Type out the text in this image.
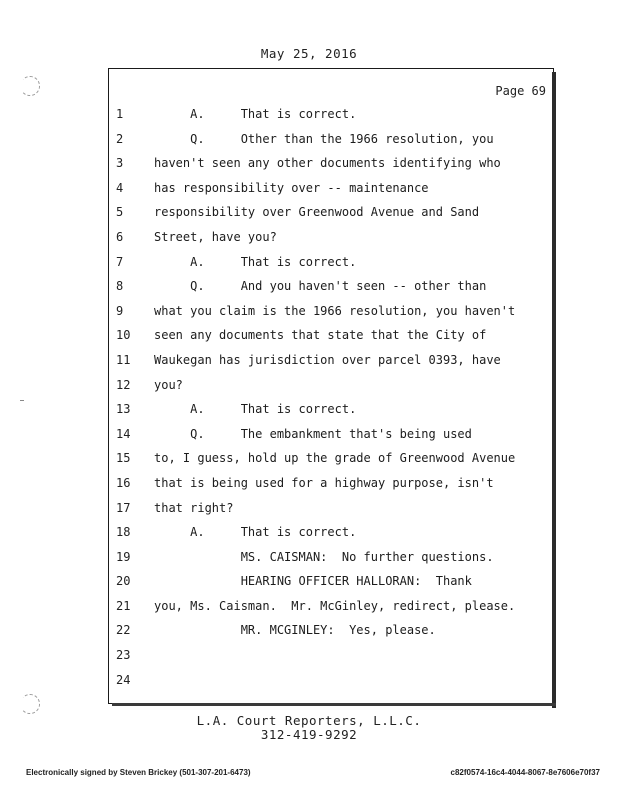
May 25, 2016
Page 69
1	A.     That is correct.
2	Q.     Other than the 1966 resolution, you
3	haven't seen any other documents identifying who
4	has responsibility over -- maintenance
5	responsibility over Greenwood Avenue and Sand
6	Street, have you?
7	A.     That is correct.
8	Q.     And you haven't seen -- other than
9	what you claim is the 1966 resolution, you haven't
10	seen any documents that state that the City of
11	Waukegan has jurisdiction over parcel 0393, have
12	you?
13	A.     That is correct.
14	Q.     The embankment that's being used
15	to, I guess, hold up the grade of Greenwood Avenue
16	that is being used for a highway purpose, isn't
17	that right?
18	A.     That is correct.
19	MS. CAISMAN:  No further questions.
20	HEARING OFFICER HALLORAN:  Thank
21	you, Ms. Caisman.  Mr. McGinley, redirect, please.
22	MR. MCGINLEY:  Yes, please.
23
24
L.A. Court Reporters, L.L.C.
312-419-9292
Electronically signed by Steven Brickey (501-307-201-6473)	c82f0574-16c4-4044-8067-8e7606e70f37
